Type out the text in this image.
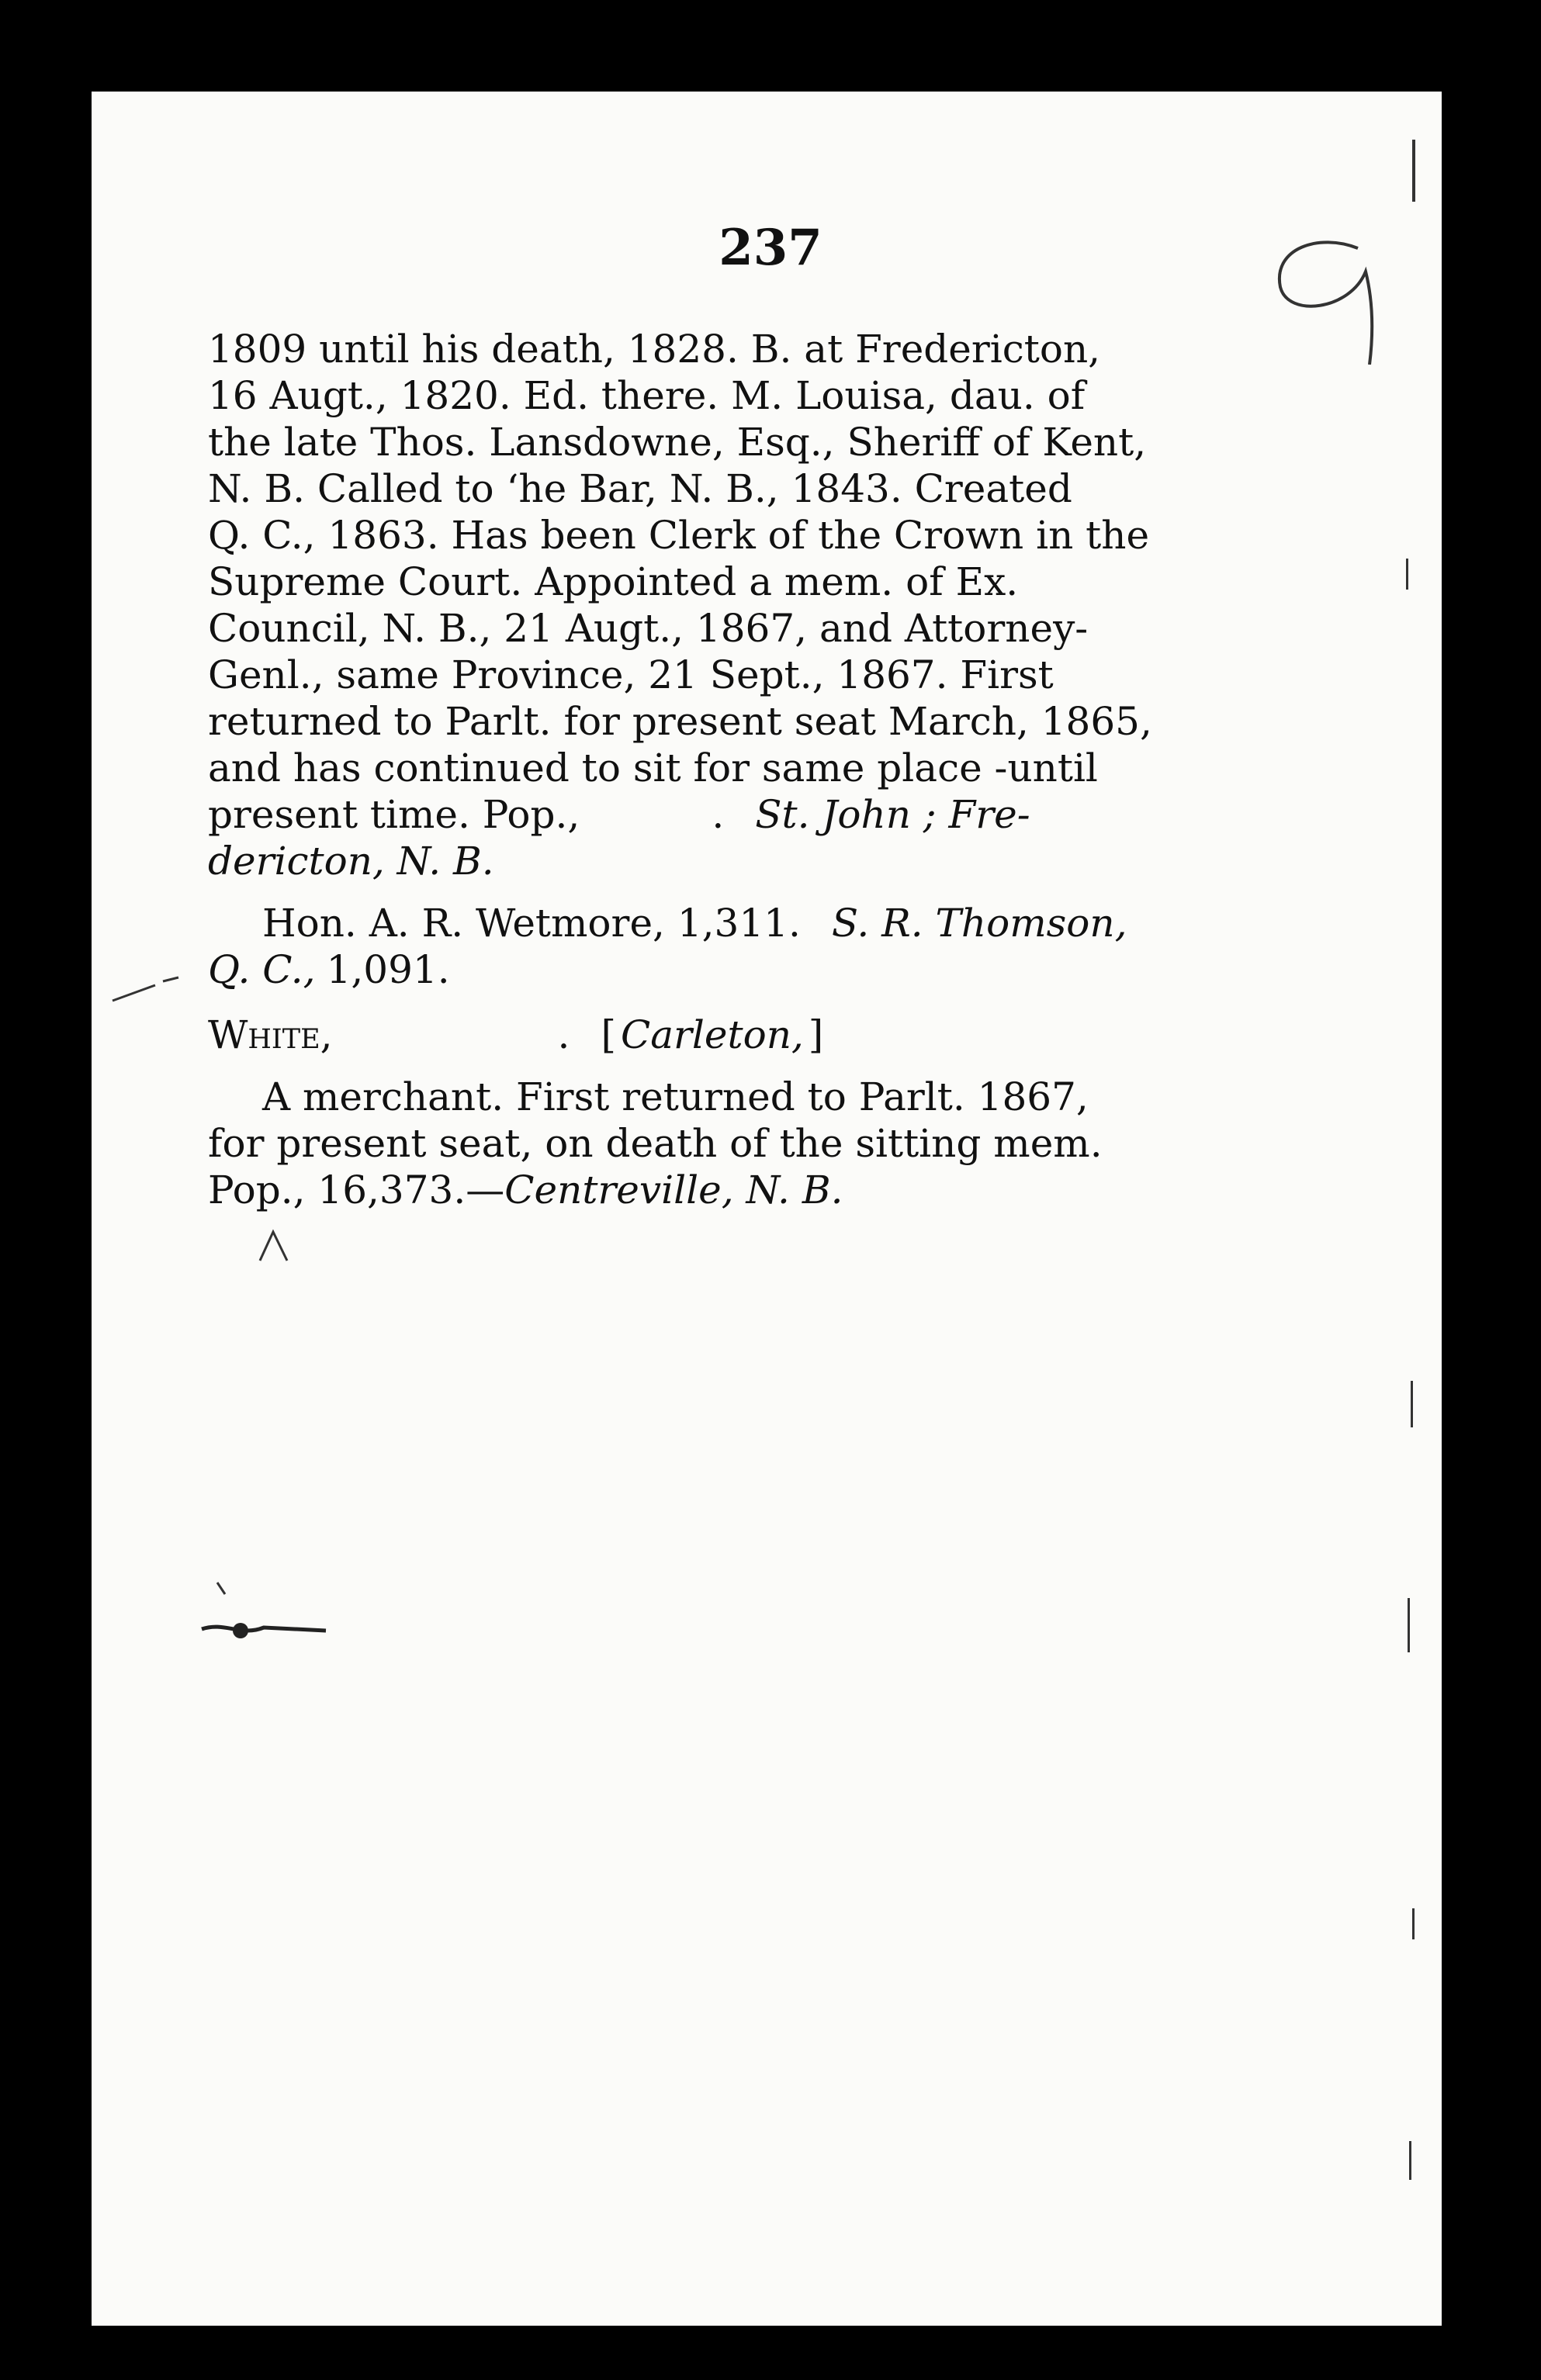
237
1809 until his death, 1828. B. at Fredericton,
16 Augt., 1820. Ed. there. M. Louisa, dau. of
the late Thos. Lansdowne, Esq., Sheriff of Kent,
N. B. Called to ‘he Bar, N. B., 1843. Created
Q. C., 1863. Has been Clerk of the Crown in the
Supreme Court. Appointed a mem. of Ex.
Council, N. B., 21 Augt., 1867, and Attorney-
Genl., same Province, 21 Sept., 1867. First
returned to Parlt. for present seat March, 1865,
and has continued to sit for same place -until
present time. Pop.,	. St. John ; Fre-
dericton, N. B.
Hon. A. R. Wetmore, 1,311. S. R. Thomson,
Q. C., 1,091.
White,	. [ Carleton, ]
A merchant. First returned to Parlt. 1867,
for present seat, on death of the sitting mem.
Pop., 16,373.— Centreville, N. B.
